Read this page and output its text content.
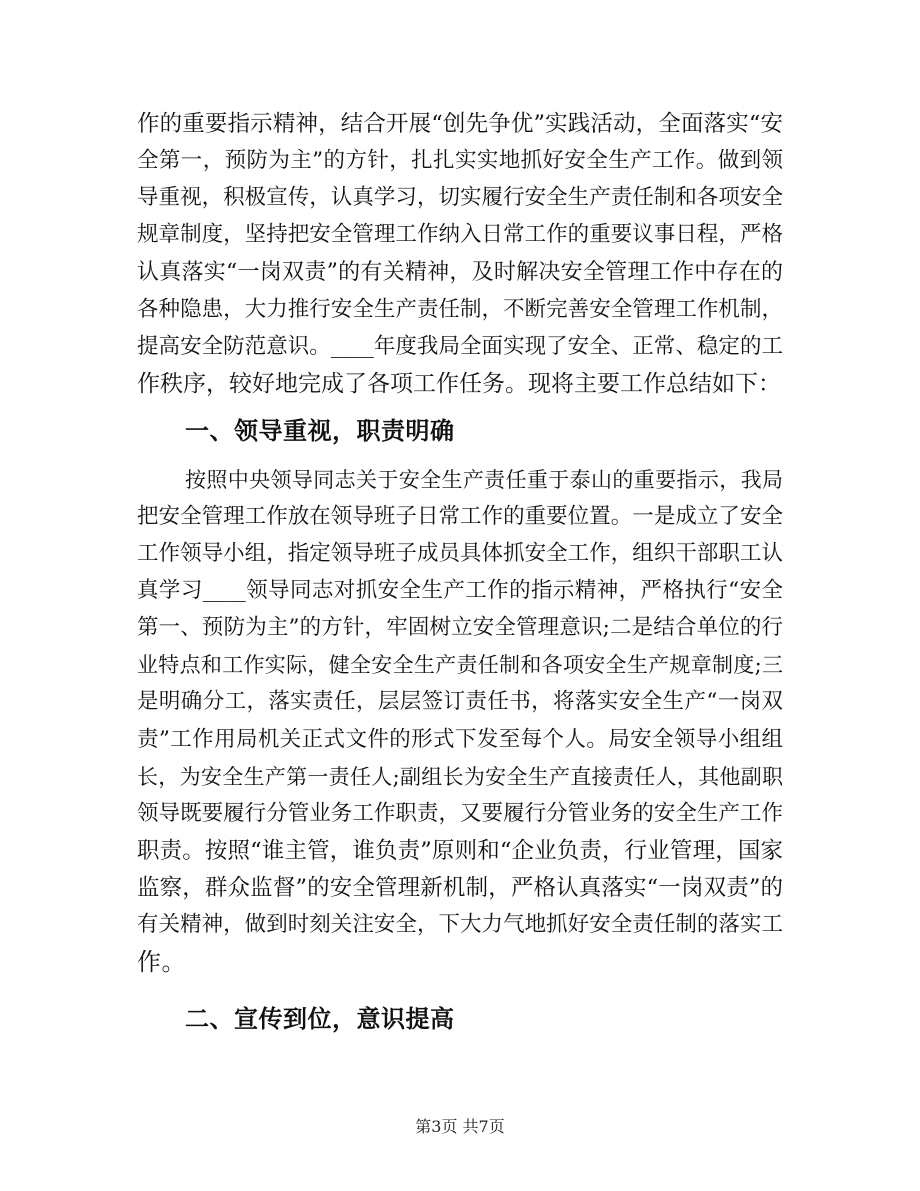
作的重要指示精神，结合开展“创先争优”实践活动，全面落实“安
全第一，预防为主”的方针，扎扎实实地抓好安全生产工作。做到领
导重视，积极宣传，认真学习，切实履行安全生产责任制和各项安全
规章制度，坚持把安全管理工作纳入日常工作的重要议事日程，严格
认真落实“一岗双责”的有关精神，及时解决安全管理工作中存在的
各种隐患，大力推行安全生产责任制，不断完善安全管理工作机制，
提高安全防范意识。____年度我局全面实现了安全、正常、稳定的工
作秩序，较好地完成了各项工作任务。现将主要工作总结如下：
一、领导重视，职责明确
按照中央领导同志关于安全生产责任重于泰山的重要指示，我局
把安全管理工作放在领导班子日常工作的重要位置。一是成立了安全
工作领导小组，指定领导班子成员具体抓安全工作，组织干部职工认
真学习____领导同志对抓安全生产工作的指示精神，严格执行“安全
第一、预防为主”的方针，牢固树立安全管理意识;二是结合单位的行
业特点和工作实际，健全安全生产责任制和各项安全生产规章制度;三
是明确分工，落实责任，层层签订责任书，将落实安全生产“一岗双
责”工作用局机关正式文件的形式下发至每个人。局安全领导小组组
长，为安全生产第一责任人;副组长为安全生产直接责任人，其他副职
领导既要履行分管业务工作职责，又要履行分管业务的安全生产工作
职责。按照“谁主管，谁负责”原则和“企业负责，行业管理，国家
监察，群众监督”的安全管理新机制，严格认真落实“一岗双责”的
有关精神，做到时刻关注安全，下大力气地抓好安全责任制的落实工
作。
二、宣传到位，意识提高
第3页 共7页
